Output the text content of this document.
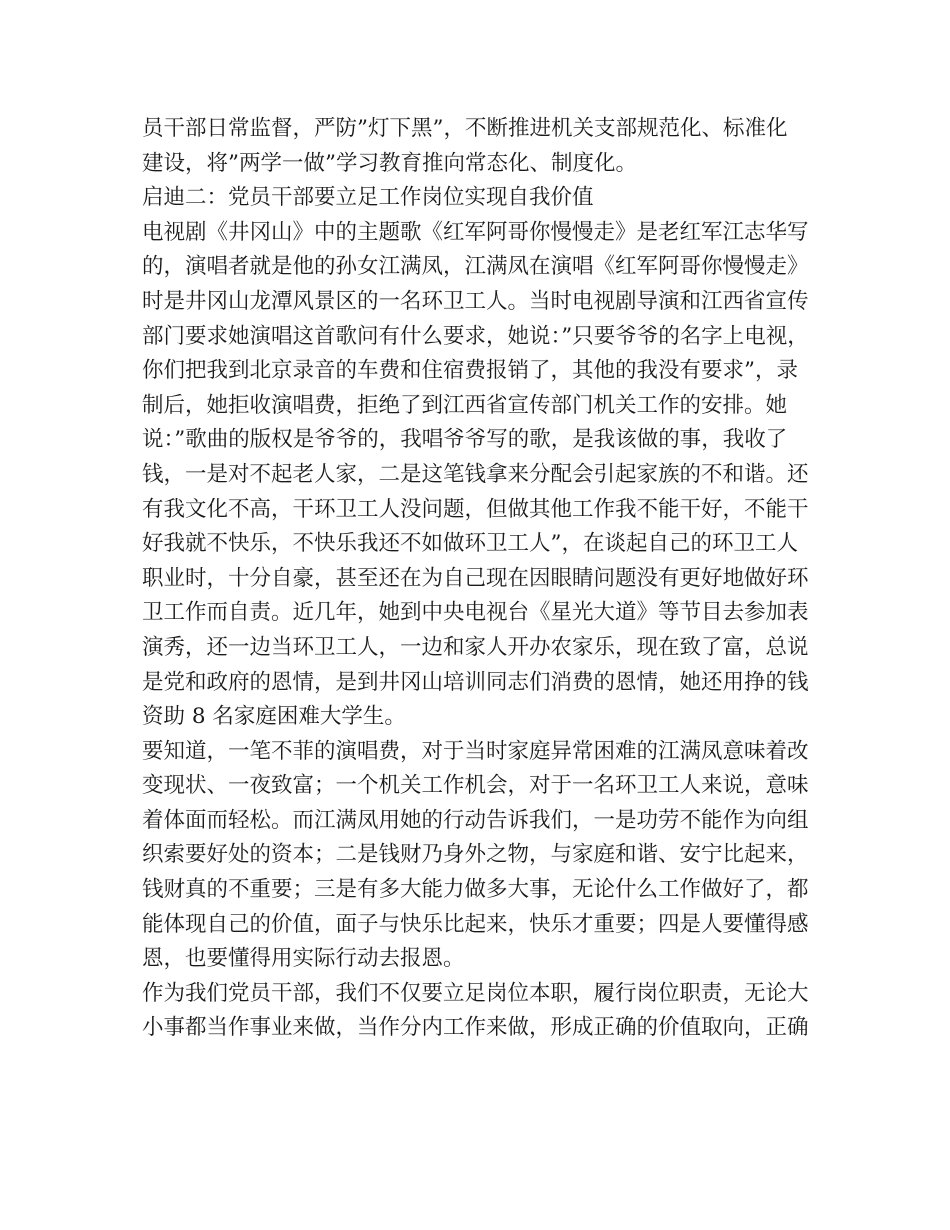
员干部日常监督，严防”灯下黑”，不断推进机关支部规范化、标准化
建设，将”两学一做”学习教育推向常态化、制度化。
启迪二：党员干部要立足工作岗位实现自我价值
电视剧《井冈山》中的主题歌《红军阿哥你慢慢走》是老红军江志华写
的，演唱者就是他的孙女江满凤，江满凤在演唱《红军阿哥你慢慢走》
时是井冈山龙潭风景区的一名环卫工人。当时电视剧导演和江西省宣传
部门要求她演唱这首歌问有什么要求，她说：”只要爷爷的名字上电视，
你们把我到北京录音的车费和住宿费报销了，其他的我没有要求”，录
制后，她拒收演唱费，拒绝了到江西省宣传部门机关工作的安排。她
说：”歌曲的版权是爷爷的，我唱爷爷写的歌，是我该做的事，我收了
钱，一是对不起老人家，二是这笔钱拿来分配会引起家族的不和谐。还
有我文化不高，干环卫工人没问题，但做其他工作我不能干好，不能干
好我就不快乐，不快乐我还不如做环卫工人”，在谈起自己的环卫工人
职业时，十分自豪，甚至还在为自己现在因眼睛问题没有更好地做好环
卫工作而自责。近几年，她到中央电视台《星光大道》等节目去参加表
演秀，还一边当环卫工人，一边和家人开办农家乐，现在致了富，总说
是党和政府的恩情，是到井冈山培训同志们消费的恩情，她还用挣的钱
资助 8 名家庭困难大学生。
要知道，一笔不菲的演唱费，对于当时家庭异常困难的江满凤意味着改
变现状、一夜致富；一个机关工作机会，对于一名环卫工人来说，意味
着体面而轻松。而江满凤用她的行动告诉我们，一是功劳不能作为向组
织索要好处的资本；二是钱财乃身外之物，与家庭和谐、安宁比起来，
钱财真的不重要；三是有多大能力做多大事，无论什么工作做好了，都
能体现自己的价值，面子与快乐比起来，快乐才重要；四是人要懂得感
恩，也要懂得用实际行动去报恩。
作为我们党员干部，我们不仅要立足岗位本职，履行岗位职责，无论大
小事都当作事业来做，当作分内工作来做，形成正确的价值取向，正确
